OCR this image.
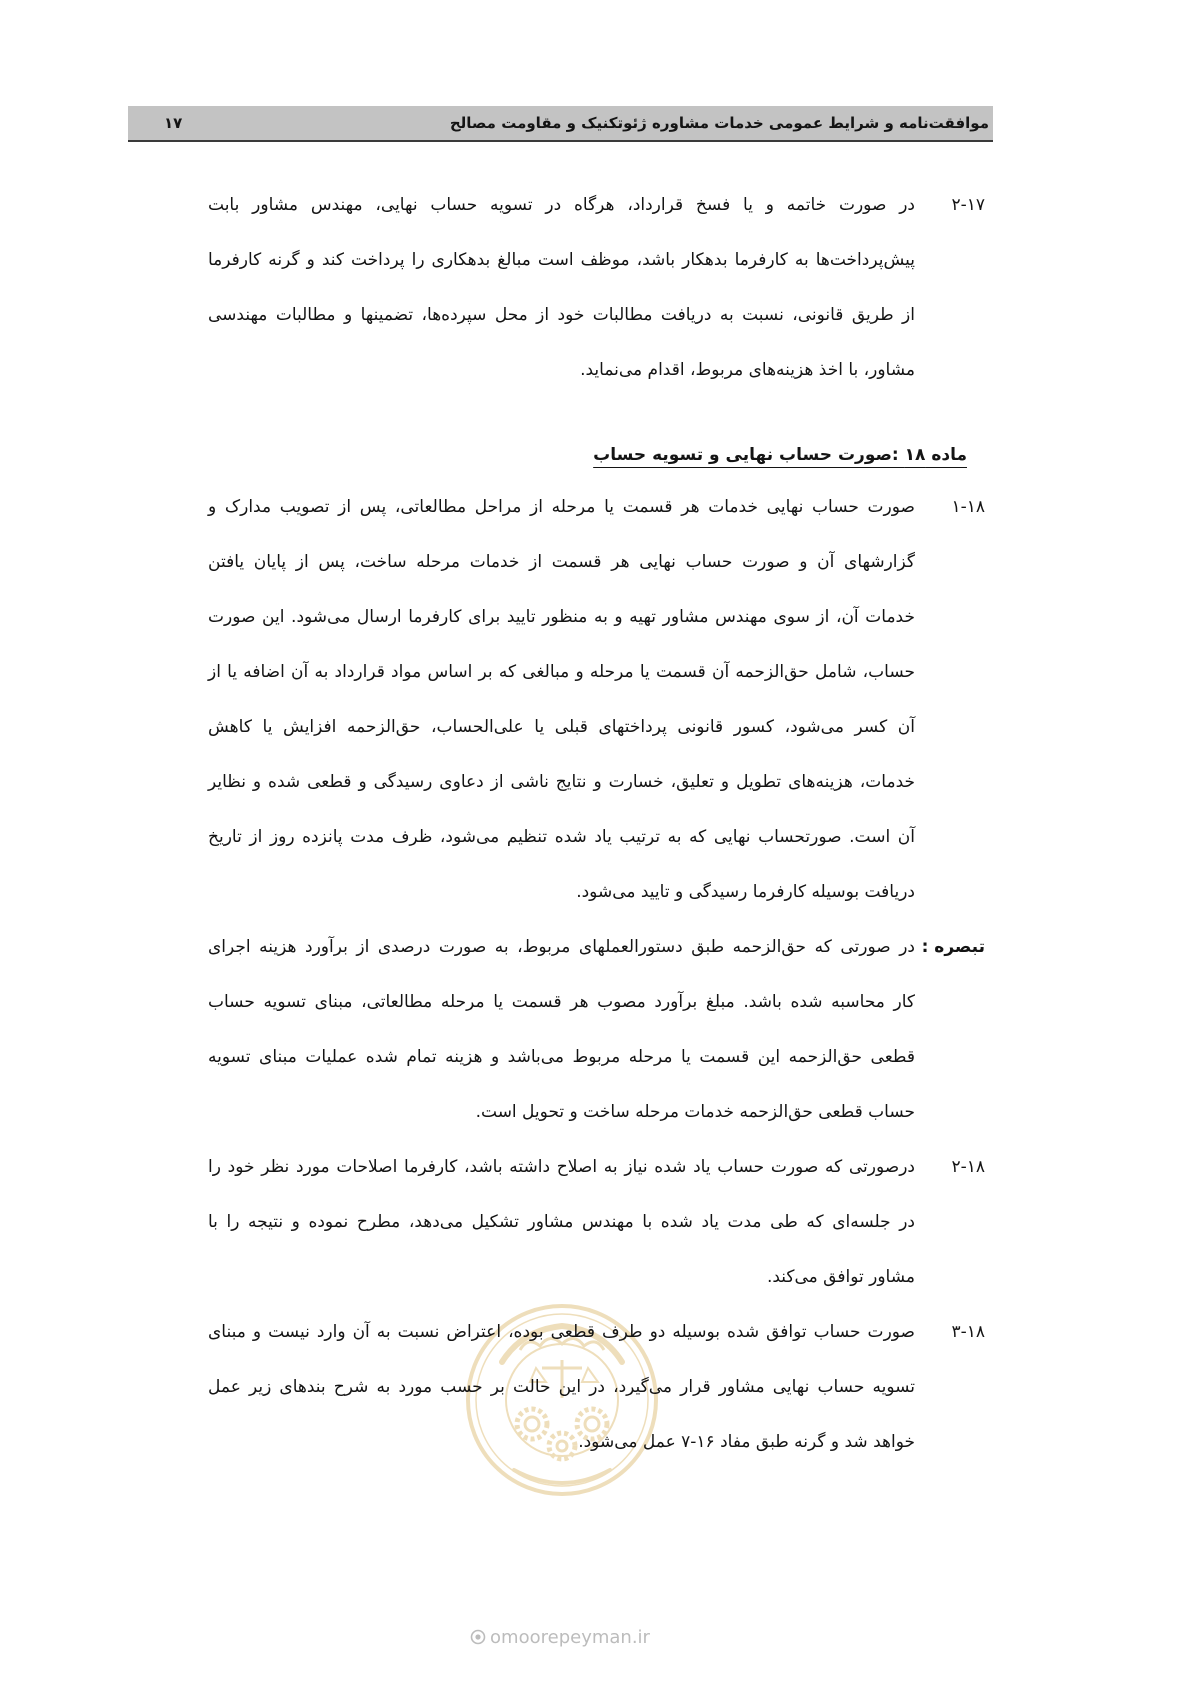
موافقت‌نامه و شرایط عمومی خدمات مشاوره ژئوتکنیک و مقاومت مصالح
۱۷
۲-۱۷
در صورت خاتمه و یا فسخ قرارداد، هرگاه در تسویه حساب نهایی، مهندس مشاور بابت
پیش‌پرداخت‌ها به کارفرما بدهکار باشد، موظف است مبالغ بدهکاری را پرداخت کند و گرنه کارفرما
از طریق قانونی، نسبت به دریافت مطالبات خود از محل سپرده‌ها، تضمینها و مطالبات مهندسی
مشاور، با اخذ هزینه‌های مربوط، اقدام می‌نماید.
ماده ۱۸ :صورت حساب نهایی و تسویه حساب
۱-۱۸
صورت حساب نهایی خدمات هر قسمت یا مرحله از مراحل مطالعاتی، پس از تصویب مدارک و
گزارشهای آن و صورت حساب نهایی هر قسمت از خدمات مرحله ساخت، پس از پایان یافتن
خدمات آن، از سوی مهندس مشاور تهیه و به منظور تایید برای کارفرما ارسال می‌شود. این صورت
حساب، شامل حق‌الزحمه آن قسمت یا مرحله و مبالغی که بر اساس مواد قرارداد به آن اضافه یا از
آن کسر می‌شود، کسور قانونی پرداختهای قبلی یا علی‌الحساب، حق‌الزحمه افزایش یا کاهش
خدمات، هزینه‌های تطویل و تعلیق، خسارت و نتایج ناشی از دعاوی رسیدگی و قطعی شده و نظایر
آن است. صورتحساب نهایی که به ترتیب یاد شده تنظیم می‌شود، ظرف مدت پانزده روز از تاریخ
دریافت بوسیله کارفرما رسیدگی و تایید می‌شود.
تبصره :
در صورتی که حق‌الزحمه طبق دستورالعملهای مربوط، به صورت درصدی از برآورد هزینه اجرای
کار محاسبه شده باشد. مبلغ برآورد مصوب هر قسمت یا مرحله مطالعاتی، مبنای تسویه حساب
قطعی حق‌الزحمه این قسمت یا مرحله مربوط می‌باشد و هزینه تمام شده عملیات مبنای تسویه
حساب قطعی حق‌الزحمه خدمات مرحله ساخت و تحویل است.
۲-۱۸
درصورتی که صورت حساب یاد شده نیاز به اصلاح داشته باشد، کارفرما اصلاحات مورد نظر خود را
در جلسه‌ای که طی مدت یاد شده با مهندس مشاور تشکیل می‌دهد، مطرح نموده و نتیجه را با
مشاور توافق می‌کند.
۳-۱۸
صورت حساب توافق شده بوسیله دو طرف قطعی بوده، اعتراض نسبت به آن وارد نیست و مبنای
تسویه حساب نهایی مشاور قرار می‌گیرد، در این حالت بر حسب مورد به شرح بندهای زیر عمل
خواهد شد و گرنه طبق مفاد ۱۶-۷ عمل می‌شود.
omoorepeyman.ir
